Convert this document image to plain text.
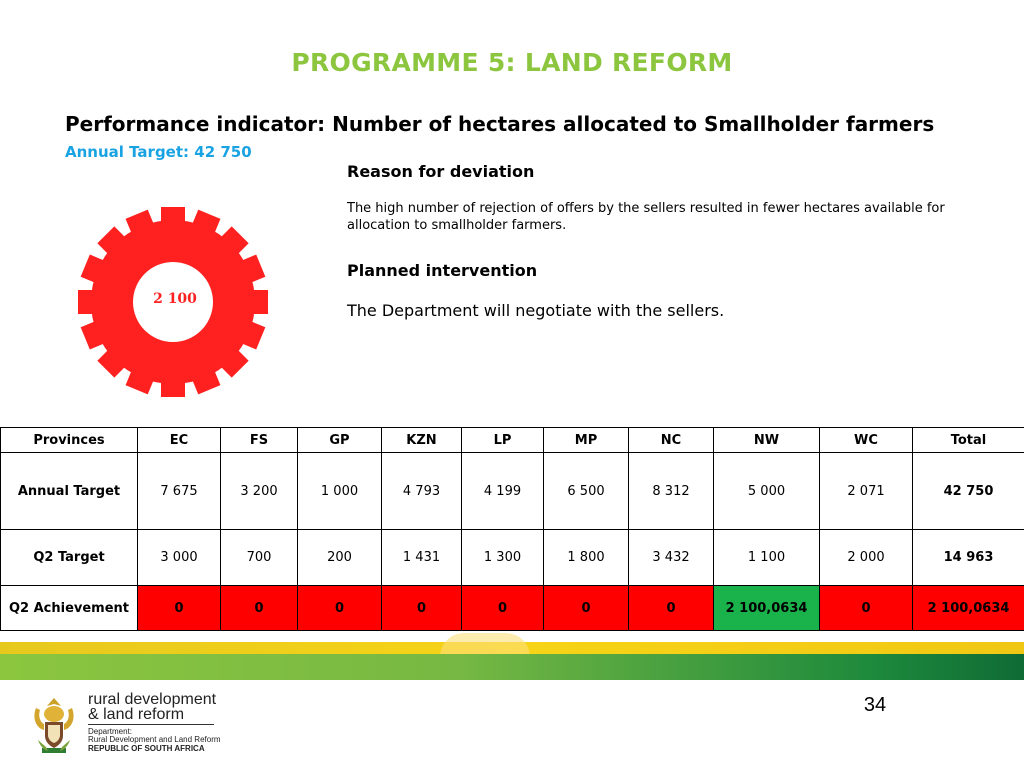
PROGRAMME 5: LAND REFORM
Performance indicator: Number of hectares allocated to Smallholder farmers
Annual Target: 42 750
2 100
Reason for deviation
The high number of rejection of offers by the sellers resulted in fewer hectares available for allocation to smallholder farmers.
Planned intervention
The Department will negotiate with the sellers.
Provinces	EC	FS	GP	KZN	LP	MP	NC	NW	WC	Total
Annual Target	7 675	3 200	1 000	4 793	4 199	6 500	8 312	5 000	2 071	42 750
Q2 Target	3 000	700	200	1 431	1 300	1 800	3 432	1 100	2 000	14 963
Q2 Achievement	0	0	0	0	0	0	0	2 100,0634	0	2 100,0634
34
rural development
& land reform
Department:
Rural Development and Land Reform
REPUBLIC OF SOUTH AFRICA
